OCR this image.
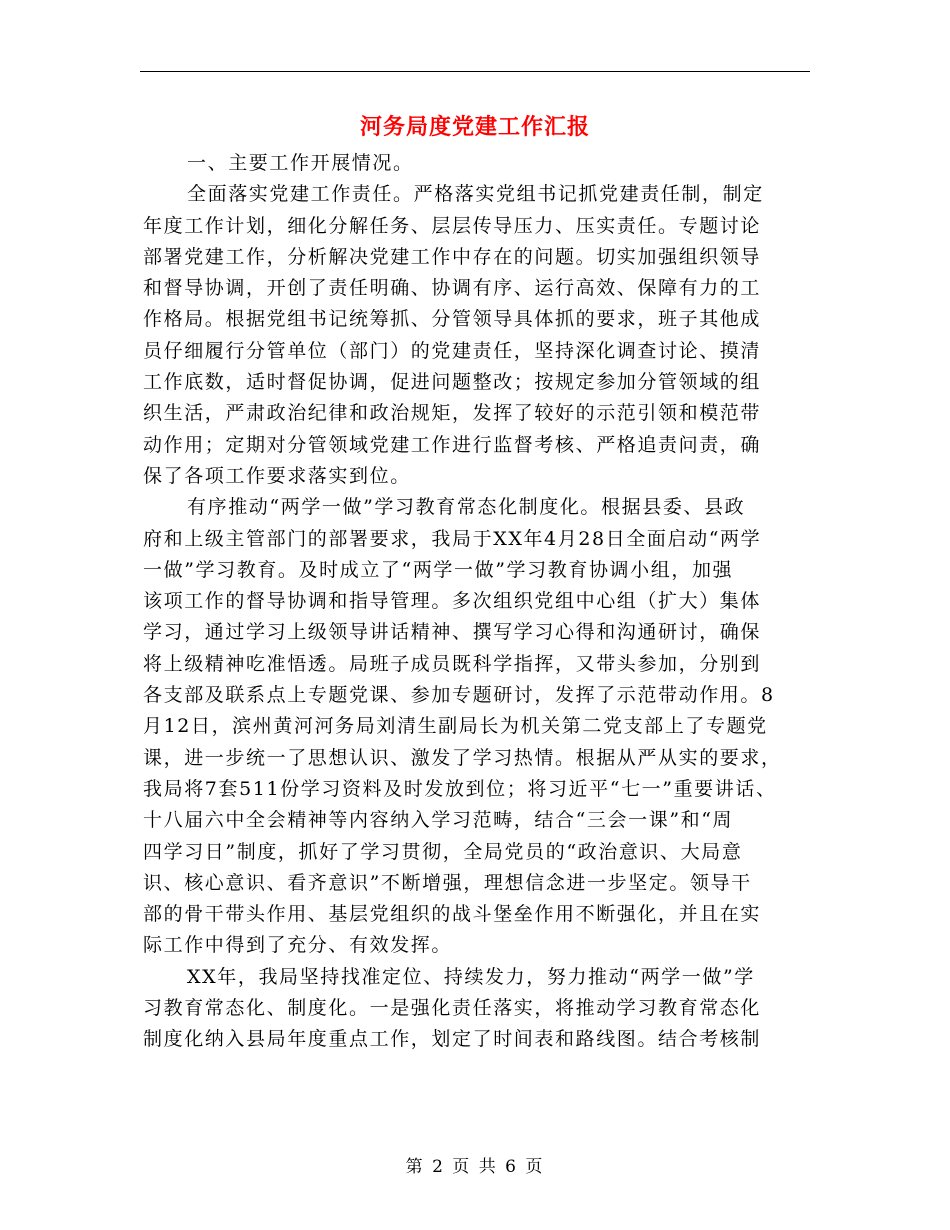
河务局度党建工作汇报
一、主要工作开展情况。
全面落实党建工作责任。严格落实党组书记抓党建责任制，制定
年度工作计划，细化分解任务、层层传导压力、压实责任。专题讨论
部署党建工作，分析解决党建工作中存在的问题。切实加强组织领导
和督导协调，开创了责任明确、协调有序、运行高效、保障有力的工
作格局。根据党组书记统筹抓、分管领导具体抓的要求，班子其他成
员仔细履行分管单位（部门）的党建责任，坚持深化调查讨论、摸清
工作底数，适时督促协调，促进问题整改；按规定参加分管领域的组
织生活，严肃政治纪律和政治规矩，发挥了较好的示范引领和模范带
动作用；定期对分管领域党建工作进行监督考核、严格追责问责，确
保了各项工作要求落实到位。
有序推动“两学一做”学习教育常态化制度化。根据县委、县政
府和上级主管部门的部署要求，我局于XX年4月28日全面启动“两学
一做”学习教育。及时成立了“两学一做”学习教育协调小组，加强
该项工作的督导协调和指导管理。多次组织党组中心组（扩大）集体
学习，通过学习上级领导讲话精神、撰写学习心得和沟通研讨，确保
将上级精神吃准悟透。局班子成员既科学指挥，又带头参加，分别到
各支部及联系点上专题党课、参加专题研讨，发挥了示范带动作用。8
月12日，滨州黄河河务局刘清生副局长为机关第二党支部上了专题党
课，进一步统一了思想认识、激发了学习热情。根据从严从实的要求，
我局将7套511份学习资料及时发放到位；将习近平“七一”重要讲话、
十八届六中全会精神等内容纳入学习范畴，结合“三会一课”和“周
四学习日”制度，抓好了学习贯彻，全局党员的“政治意识、大局意
识、核心意识、看齐意识”不断增强，理想信念进一步坚定。领导干
部的骨干带头作用、基层党组织的战斗堡垒作用不断强化，并且在实
际工作中得到了充分、有效发挥。
XX年，我局坚持找准定位、持续发力，努力推动“两学一做”学
习教育常态化、制度化。一是强化责任落实，将推动学习教育常态化
制度化纳入县局年度重点工作，划定了时间表和路线图。结合考核制
第 2 页 共 6 页
